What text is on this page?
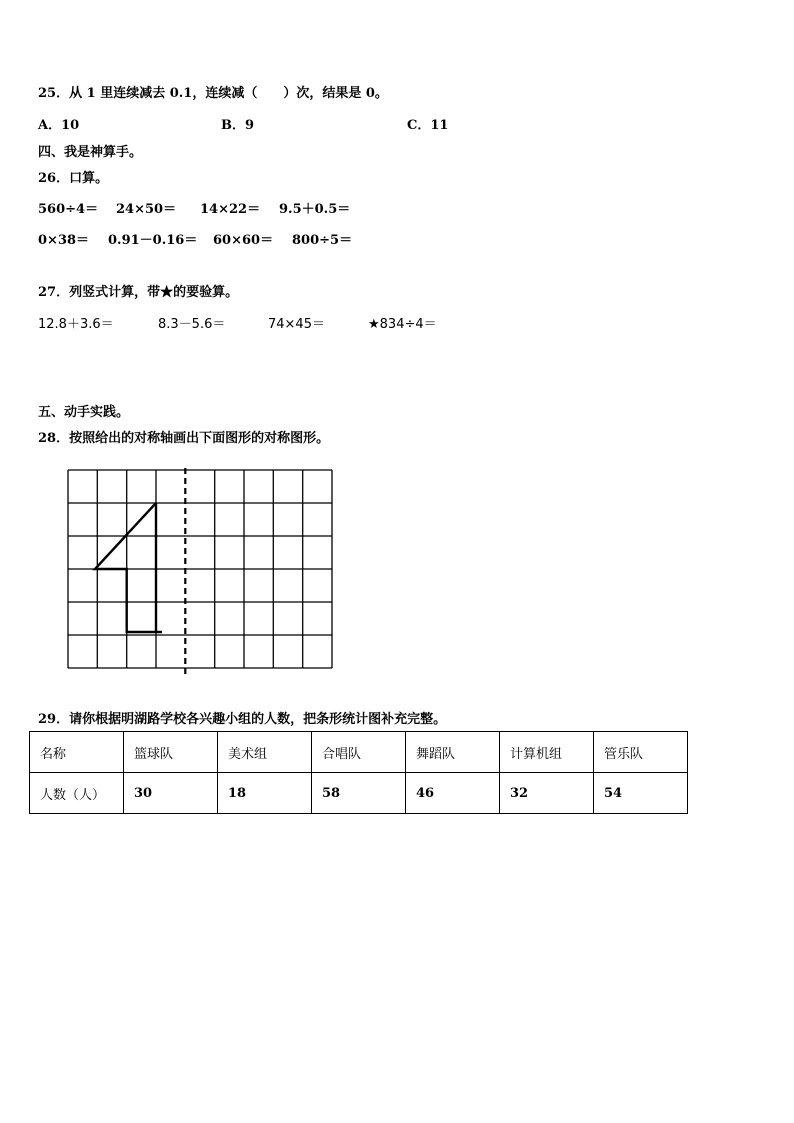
25．从 1 里连续减去 0.1，连续减（　　）次，结果是 0。
A．10	B．9	C．11
四、我是神算手。
26．口算。
560÷4＝ 24×50＝ 14×22＝ 9.5＋0.5＝
0×38＝ 0.91－0.16＝ 60×60＝ 800÷5＝
27．列竖式计算，带★的要验算。
12.8＋3.6＝	8.3－5.6＝	74×45＝	★834÷4＝
五、动手实践。
28．按照给出的对称轴画出下面图形的对称图形。
29．请你根据明湖路学校各兴趣小组的人数，把条形统计图补充完整。
名称	篮球队	美术组	合唱队	舞蹈队	计算机组	管乐队
人数（人）	30	18	58	46	32	54
